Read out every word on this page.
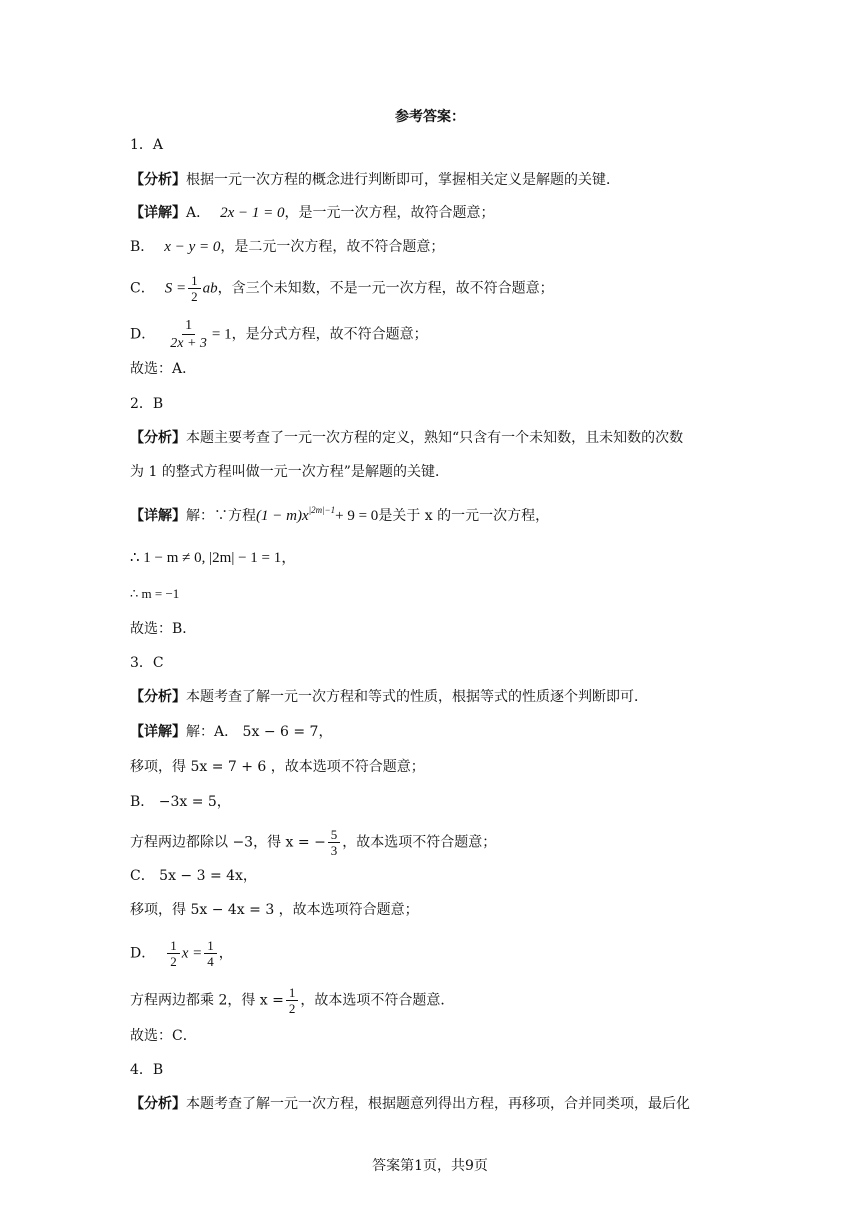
参考答案：
1．A
【分析】根据一元一次方程的概念进行判断即可，掌握相关定义是解题的关键．
【详解】A． 2x − 1 = 0，是一元一次方程，故符合题意；
B． x − y = 0，是二元一次方程，故不符合题意；
C． $S = \frac{1}{2}$ ab，含三个未知数，不是一元一次方程，故不符合题意；
D． $\frac{1}{2x + 3} = 1$，是分式方程，故不符合题意；
故选：A．
2．B
【分析】本题主要考查了一元一次方程的定义，熟知“只含有一个未知数，且未知数的次数
为 1 的整式方程叫做一元一次方程”是解题的关键．
【详解】解：∵方程$(1 - m)x^{|2m|-1}+ 9 = 0$是关于 x 的一元一次方程，
∴ 1 − m ≠ 0, |2m| − 1 = 1，
∴ m = −1
故选：B．
3．C
【分析】本题考查了解一元一次方程和等式的性质，根据等式的性质逐个判断即可．
【详解】解：A． 5x − 6 = 7，
移项，得 5x = 7 + 6 ，故本选项不符合题意；
B． −3x = 5，
方程两边都除以 −3，得 x = − $\frac{5}{3}$ ，故本选项不符合题意；
C． 5x − 3 = 4x，
移项，得 5x − 4x = 3 ，故本选项符合题意；
D． $\frac{1}{2}$ $x = \frac{1}{4}$ ，
方程两边都乘 2，得 $x = \frac{1}{2}$ ，故本选项不符合题意．
故选：C．
4．B
【分析】本题考查了解一元一次方程，根据题意列得出方程，再移项，合并同类项，最后化
答案第1页，共9页
